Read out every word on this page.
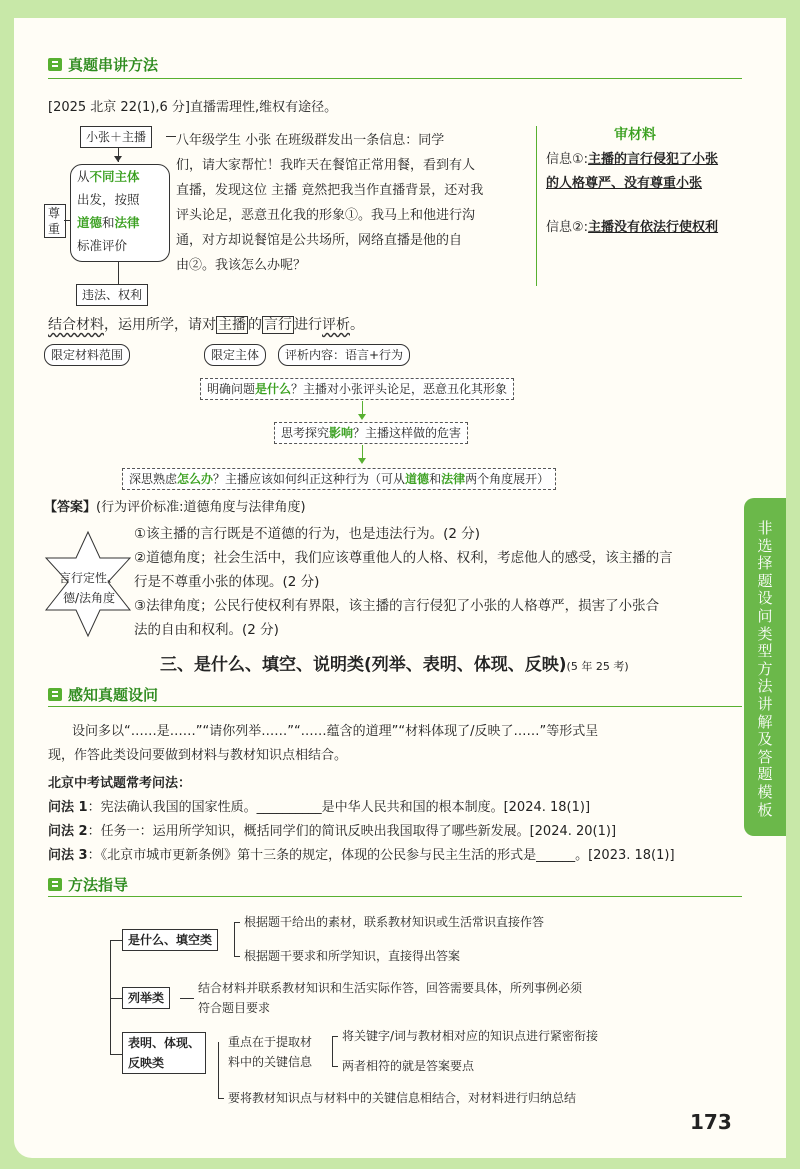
真题串讲方法
[2025 北京 22(1),6 分]直播需理性,维权有途径。
小张＋主播
从不同主体
出发，按照
道德和法律
标准评价
尊重
违法、权利
八年级学生 小张 在班级群发出一条信息：同学
们，请大家帮忙！我昨天在餐馆正常用餐，看到有人
直播，发现这位 主播 竟然把我当作直播背景，还对我
评头论足，恶意丑化我的形象①。我马上和他进行沟
通，对方却说餐馆是公共场所，网络直播是他的自
由②。我该怎么办呢？
审材料
信息①:主播的言行侵犯了小张
的人格尊严、没有尊重小张
信息②:主播没有依法行使权利
结合材料，运用所学，请对 主播 的 言行 进行评析。
限定材料范围	限定主体	评析内容：语言+行为
明确问题是什么？主播对小张评头论足，恶意丑化其形象
思考探究影响？主播这样做的危害
深思熟虑怎么办？主播应该如何纠正这种行为（可从道德和法律两个角度展开）
【答案】(行为评价标准:道德角度与法律角度)
言行定性、
德/法角度
①该主播的言行既是不道德的行为，也是违法行为。(2 分)
②道德角度；社会生活中，我们应该尊重他人的人格、权利，考虑他人的感受，该主播的言
行是不尊重小张的体现。(2 分)
③法律角度；公民行使权利有界限，该主播的言行侵犯了小张的人格尊严，损害了小张合
法的自由和权利。(2 分)
三、是什么、填空、说明类(列举、表明、体现、反映)(5 年 25 考)
感知真题设问
设问多以“……是……”“请你列举……”“……蕴含的道理”“材料体现了/反映了……”等形式呈
现，作答此类设问要做到材料与教材知识点相结合。
北京中考试题常考问法：
问法 1：宪法确认我国的国家性质。__________是中华人民共和国的根本制度。[2024. 18(1)]
问法 2：任务一：运用所学知识，概括同学们的简讯反映出我国取得了哪些新发展。[2024. 20(1)]
问法 3：《北京市城市更新条例》第十三条的规定，体现的公民参与民主生活的形式是______。[2023. 18(1)]
方法指导
是什么、填空类
根据题干给出的素材，联系教材知识或生活常识直接作答
根据题干要求和所学知识，直接得出答案
列举类
结合材料并联系教材知识和生活实际作答，回答需要具体，所列事例必须
符合题目要求
表明、体现、
反映类
重点在于提取材
料中的关键信息
将关键字/词与教材相对应的知识点进行紧密衔接
两者相符的就是答案要点
要将教材知识点与材料中的关键信息相结合，对材料进行归纳总结
非选择题设问类型方法讲解及答题模板
173
